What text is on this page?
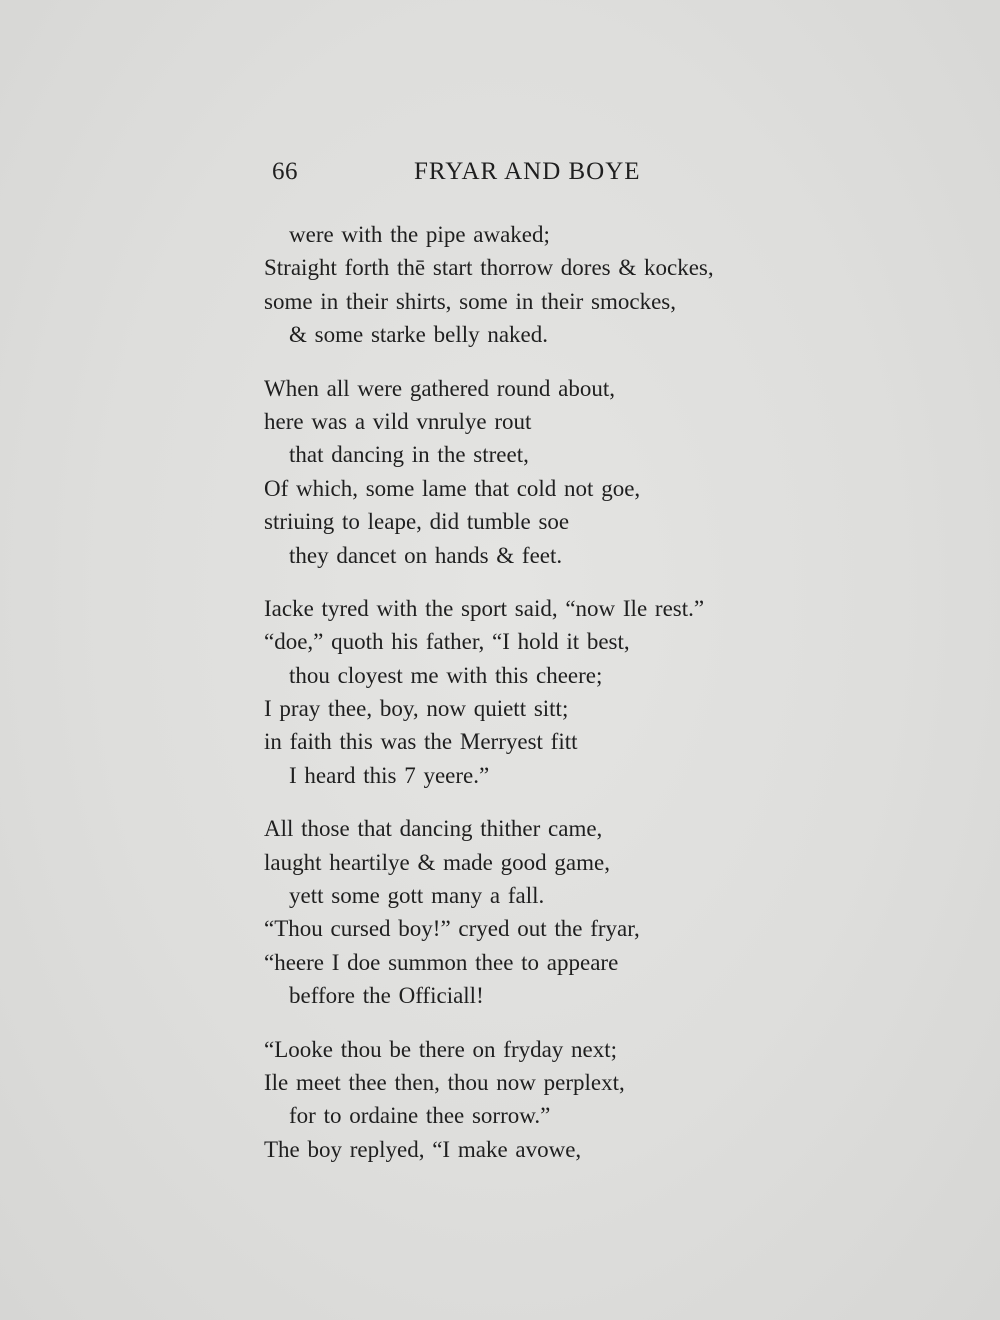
66	FRYAR AND BOYE
were with the pipe awaked;
Straight forth thē start thorrow dores & kockes,
some in their shirts, some in their smockes,
& some starke belly naked.
When all were gathered round about,
here was a vild vnrulye rout
that dancing in the street,
Of which, some lame that cold not goe,
striuing to leape, did tumble soe
they dancet on hands & feet.
Iacke tyred with the sport said, “now Ile rest.”
“doe,” quoth his father, “I hold it best,
thou cloyest me with this cheere;
I pray thee, boy, now quiett sitt;
in faith this was the Merryest fitt
I heard this 7 yeere.”
All those that dancing thither came,
laught heartilye & made good game,
yett some gott many a fall.
“Thou cursed boy!” cryed out the fryar,
“heere I doe summon thee to appeare
beffore the Officiall!
“Looke thou be there on fryday next;
Ile meet thee then, thou now perplext,
for to ordaine thee sorrow.”
The boy replyed, “I make avowe,
